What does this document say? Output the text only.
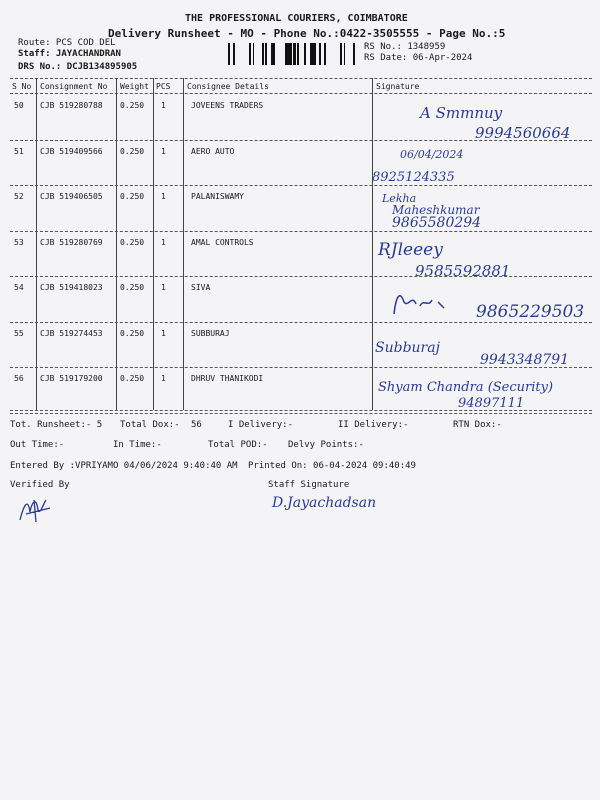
THE PROFESSIONAL COURIERS, COIMBATORE
Delivery Runsheet - MO - Phone No.:0422-3505555 - Page No.:5
Route: PCS COD DEL
Staff: JAYACHANDRAN
DRS No.: DCJB134895905
RS No.: 1348959
RS Date: 06-Apr-2024
S No Consignment No Weight PCS Consignee Details	Signature
50 CJB 519280788 0.250 1	JOVEENS TRADERS	A Smmnuy
9994560664
51 CJB 519409566 0.250 1	AERO AUTO	06/04/2024
8925124335
52 CJB 519406505 0.250 1	PALANISWAMY	Lekha
Maheshkumar
9865580294
53 CJB 519280769 0.250 1	AMAL CONTROLS	RJleeey
9585592881
54 CJB 519418023 0.250 1	SIVA
9865229503
55 CJB 519274453 0.250 1	SUBBURAJ
Subburaj
9943348791
56 CJB 519179200 0.250 1	DHRUV THANIKODI
Shyam Chandra (Security)
94897111
Tot. Runsheet:- 5 Total Dox:- 56	I Delivery:-	II Delivery:-	RTN Dox:-
Out Time:-	In Time:-	Total POD:- Delvy Points:-
Entered By :VPRIYAMO 04/06/2024 9:40:40 AM Printed On: 06-04-2024 09:40:49
Verified By	Staff Signature
D.Jayachadsan
